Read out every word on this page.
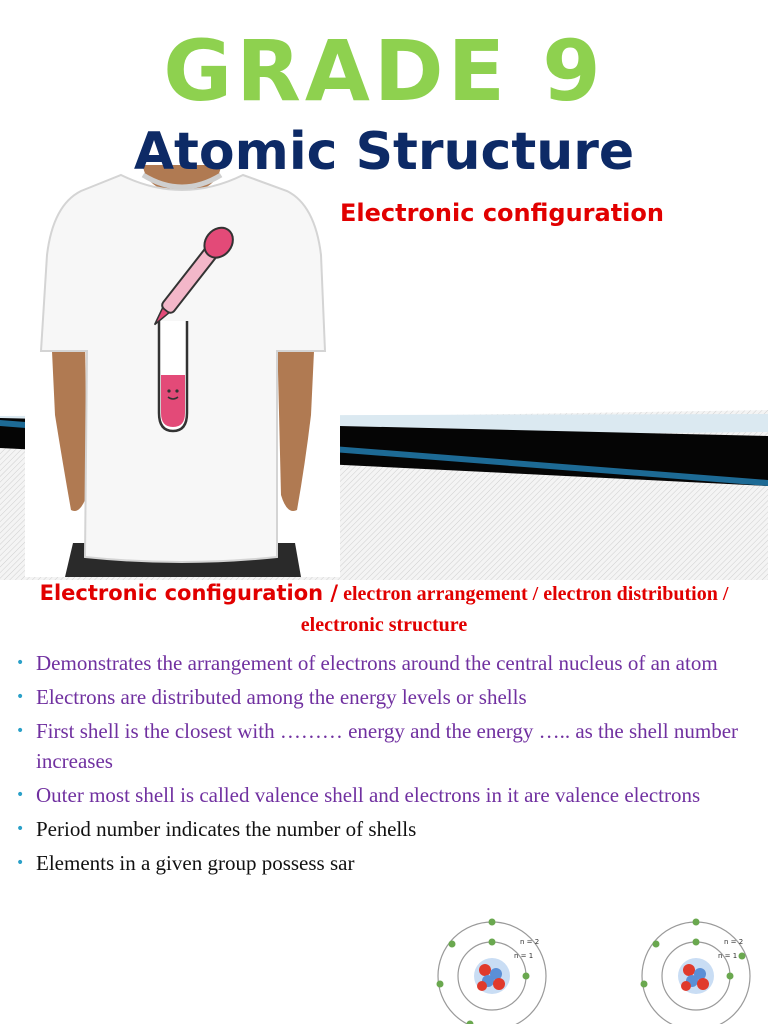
GRADE 9
Atomic Structure
Electronic configuration
Electronic configuration / electron arrangement / electron distribution / electronic structure
• Demonstrates the arrangement of electrons around the central nucleus of an atom
• Electrons are distributed among the energy levels or shells
• First shell is the closest with ……… energy and the energy ….. as the shell number increases
• Outer most shell is called valence shell and electrons in it are valence electrons
• Period number indicates the number of shells
• Elements in a given group possess sar
n = 2
n = 1
n = 2
n = 1
